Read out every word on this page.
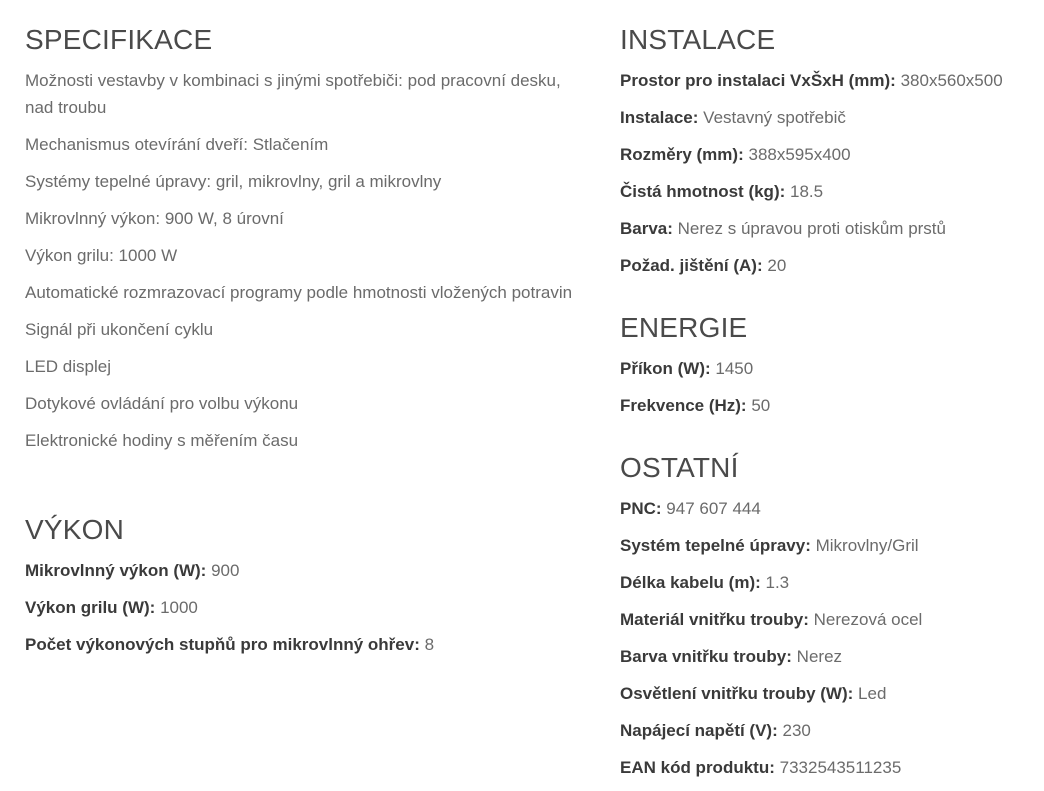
SPECIFIKACE
Možnosti vestavby v kombinaci s jinými spotřebiči: pod pracovní desku, nad troubu
Mechanismus otevírání dveří: Stlačením
Systémy tepelné úpravy: gril, mikrovlny, gril a mikrovlny
Mikrovlnný výkon: 900 W, 8 úrovní
Výkon grilu: 1000 W
Automatické rozmrazovací programy podle hmotnosti vložených potravin
Signál při ukončení cyklu
LED displej
Dotykové ovládání pro volbu výkonu
Elektronické hodiny s měřením času
VÝKON
Mikrovlnný výkon (W): 900
Výkon grilu (W): 1000
Počet výkonových stupňů pro mikrovlnný ohřev: 8
INSTALACE
Prostor pro instalaci VxŠxH (mm): 380x560x500
Instalace: Vestavný spotřebič
Rozměry (mm): 388x595x400
Čistá hmotnost (kg): 18.5
Barva: Nerez s úpravou proti otiskům prstů
Požad. jištění (A): 20
ENERGIE
Příkon (W): 1450
Frekvence (Hz): 50
OSTATNÍ
PNC: 947 607 444
Systém tepelné úpravy: Mikrovlny/Gril
Délka kabelu (m): 1.3
Materiál vnitřku trouby: Nerezová ocel
Barva vnitřku trouby: Nerez
Osvětlení vnitřku trouby (W): Led
Napájecí napětí (V): 230
EAN kód produktu: 7332543511235
